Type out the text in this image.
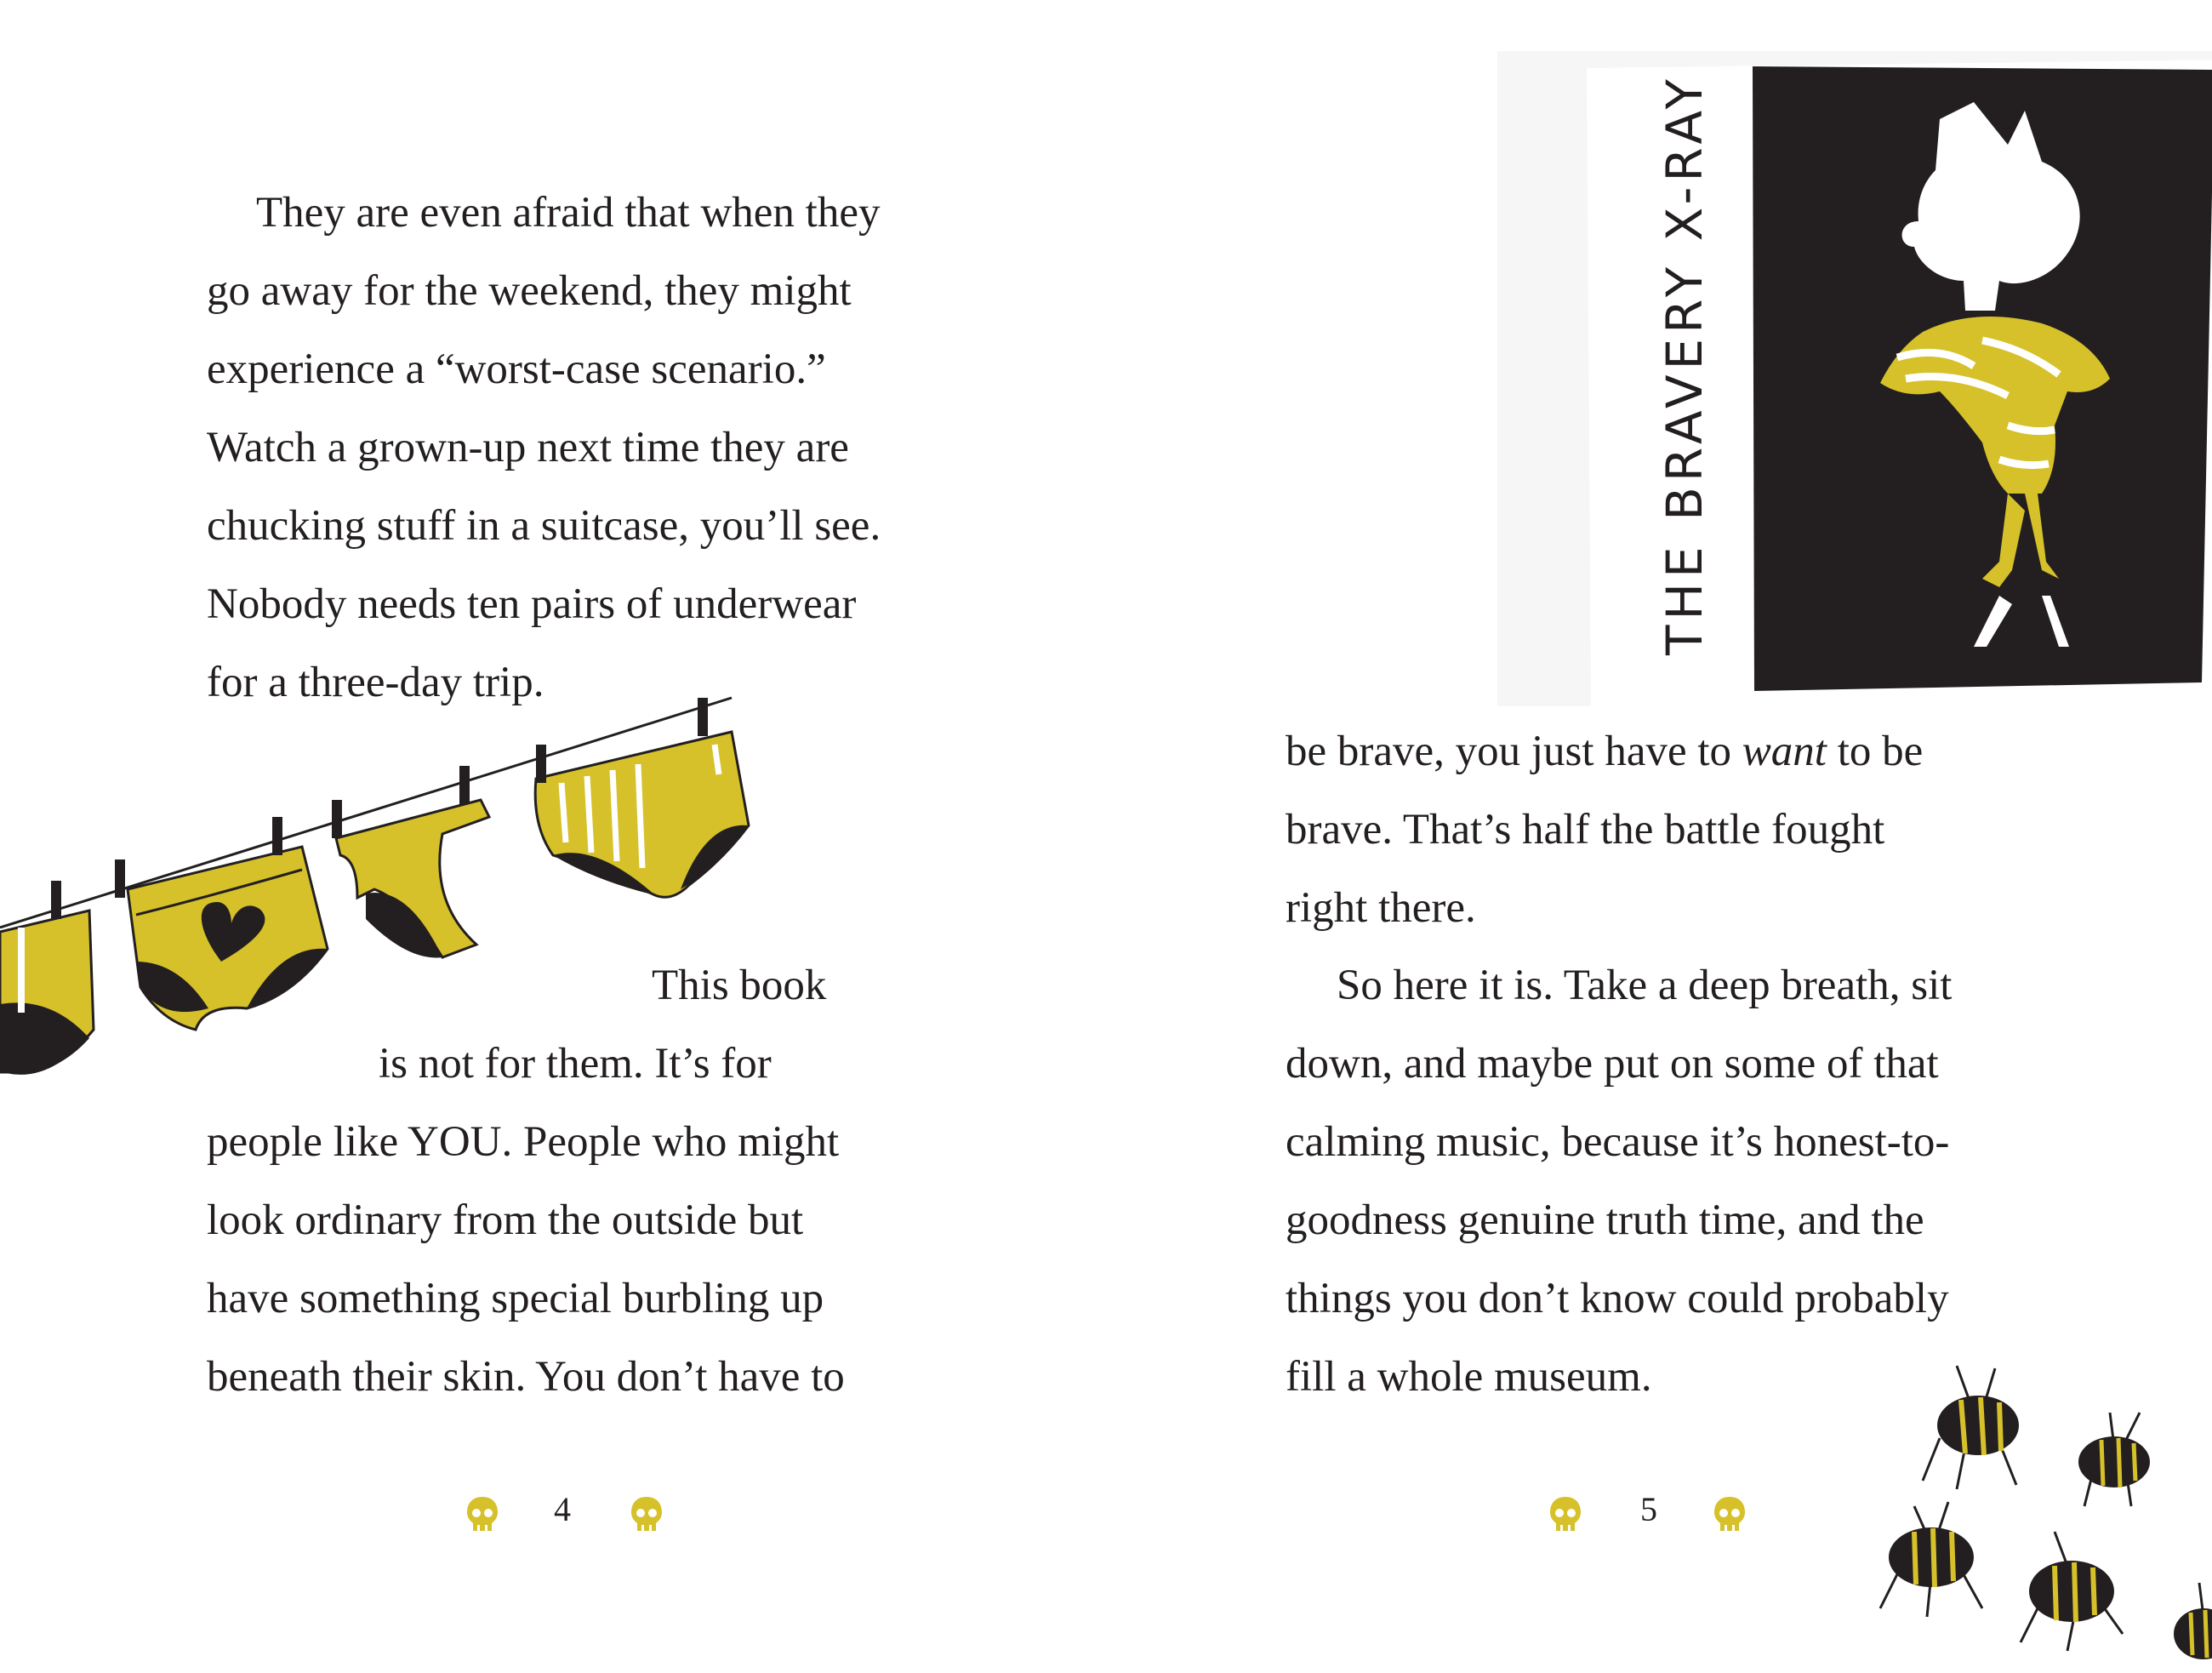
They are even afraid that when they
go away for the weekend, they might
experience a “worst-case scenario.”
Watch a grown-up next time they are
chucking stuff in a suitcase, you’ll see.
Nobody needs ten pairs of underwear
for a three-day trip.
This book
is not for them. It’s for
people like YOU. People who might
look ordinary from the outside but
have something special burbling up
beneath their skin. You don’t have to
4
THE BRAVERY X-RAY
be brave, you just have to want to be
brave. That’s half the battle fought
right there.
So here it is. Take a deep breath, sit
down, and maybe put on some of that
calming music, because it’s honest-to-
goodness genuine truth time, and the
things you don’t know could probably
fill a whole museum.
5
